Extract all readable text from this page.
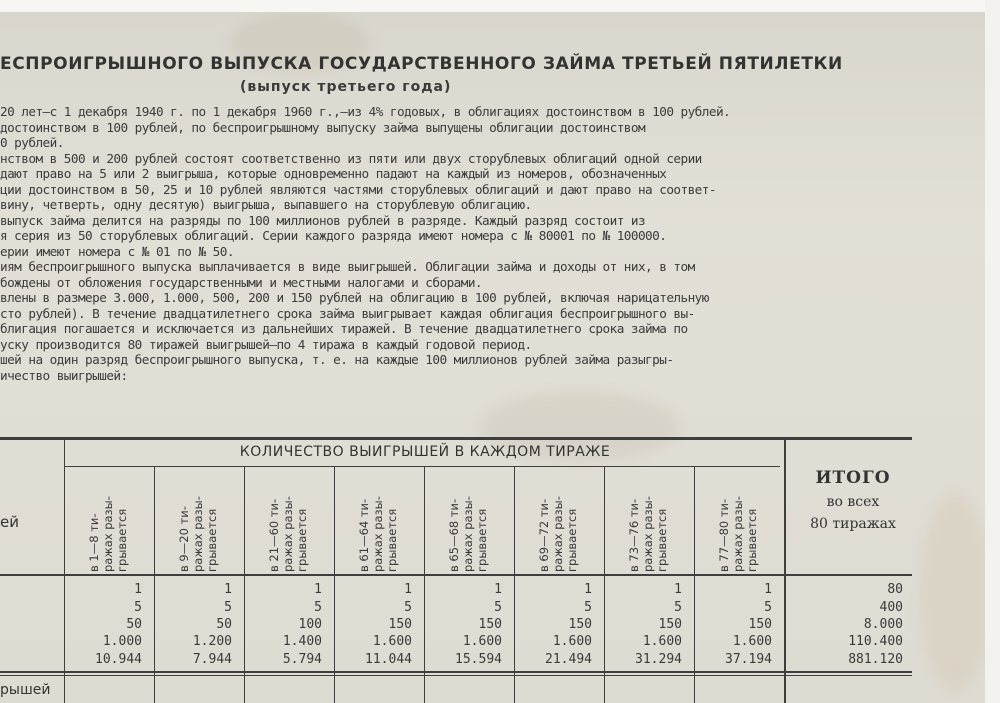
ЕСПРОИГРЫШНОГО ВЫПУСКА ГОСУДАРСТВЕННОГО ЗАЙМА ТРЕТЬЕЙ ПЯТИЛЕТКИ
(выпуск третьего года)
20 лет—с 1 декабря 1940 г. по 1 декабря 1960 г.,—из 4% годовых, в облигациях достоинством в 100 рублей.
достоинством в 100 рублей, по беспроигрышному выпуску займа выпущены облигации достоинством
0 рублей.
нством в 500 и 200 рублей состоят соответственно из пяти или двух сторублевых облигаций одной серии
дают право на 5 или 2 выигрыша, которые одновременно падают на каждый из номеров, обозначенных
ции достоинством в 50, 25 и 10 рублей являются частями сторублевых облигаций и дают право на соответ-
вину, четверть, одну десятую) выигрыша, выпавшего на сторублевую облигацию.
выпуск займа делится на разряды по 100 миллионов рублей в разряде. Каждый разряд состоит из
я серия из 50 сторублевых облигаций. Серии каждого разряда имеют номера с № 80001 по № 100000.
ерии имеют номера с № 01 по № 50.
иям беспроигрышного выпуска выплачивается в виде выигрышей. Облигации займа и доходы от них, в том
бождены от обложения государственными и местными налогами и сборами.
влены в размере 3.000, 1.000, 500, 200 и 150 рублей на облигацию в 100 рублей, включая нарицательную
сто рублей). В течение двадцатилетнего срока займа выигрывает каждая облигация беспроигрышного вы-
блигация погашается и исключается из дальнейших тиражей. В течение двадцатилетнего срока займа по
уску производится 80 тиражей выигрышей—по 4 тиража в каждый годовой период.
шей на один разряд беспроигрышного выпуска, т. е. на каждые 100 миллионов рублей займа разыгры-
ичество выигрышей:
КОЛИЧЕСТВО ВЫИГРЫШЕЙ В КАЖДОМ ТИРАЖЕ
ей
рышей
ИТОГО
во всех
80 тиражах
в 1—8 ти- ражах разы- грывается	в 9—20 ти- ражах разы- грывается	в 21—60 ти- ражах разы- грывается	в 61—64 ти- ражах разы- грывается	в 65—68 ти- ражах разы- грывается	в 69—72 ти- ражах разы- грывается	в 73—76 ти- ражах разы- грывается	в 77—80 ти- ражах разы- грывается
1	1	1	1	1	1	1	1	80
5	5	5	5	5	5	5	5	400
50	50	100	150	150	150	150	150	8.000
1.000	1.200	1.400	1.600	1.600	1.600	1.600	1.600	110.400
10.944	7.944	5.794	11.044	15.594	21.494	31.294	37.194	881.120
